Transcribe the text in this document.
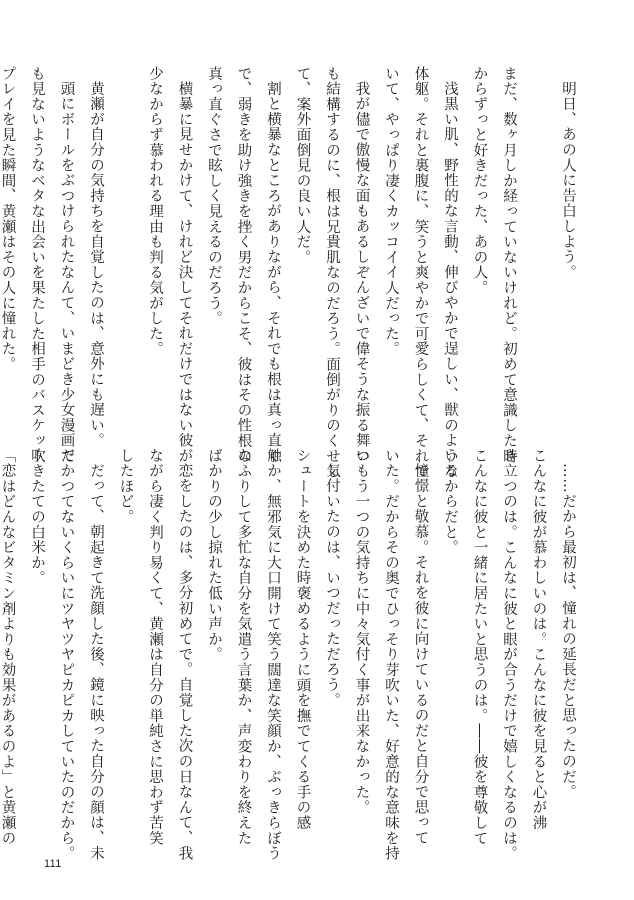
明日、あの人に告白しよう。
まだ、数ヶ月しか経っていないけれど。初めて意識した時
からずっと好きだった、あの人。
浅黒い肌、野性的な言動、伸びやかで逞しい、獣のような
体躯。それと裏腹に、笑うと爽やかで可愛らしくて、それで
いて、やっぱり凄くカッコイイ人だった。
我が儘で傲慢な面もあるしぞんざいで偉そうな振る舞い
も結構するのに、根は兄貴肌なのだろう。面倒がりのくせし
て、案外面倒見の良い人だ。
割と横暴なところがありながら、それでも根は真っ直ぐ
で、弱きを助け強きを挫く男だからこそ、彼はその性根の
真っ直ぐさで眩しく見えるのだろう。
横暴に見せかけて、けれど決してそれだけではない彼が
少なからず慕われる理由も判る気がした。
黄瀬が自分の気持ちを自覚したのは、意外にも遅い。
頭にボールをぶつけられたなんて、いまどき少女漫画で
も見ないようなベタな出会いを果たした相手のバスケット
プレイを見た瞬間、黄瀬はその人に憧れた。
……だから最初は、憧れの延長だと思ったのだ。
こんなに彼が慕わしいのは。こんなに彼を見ると心が沸
き立つのは。こんなに彼と眼が合うだけで嬉しくなるのは。
こんなに彼と一緒に居たいと思うのは。――彼を尊敬して
いるからだと。
憧憬と敬慕。それを彼に向けているのだと自分で思って
いた。だからその奥でひっそり芽吹いた、好意的な意味を持
つもう一つの気持ちに中々気付く事が出来なかった。
気付いたのは、いつだっただろう。
シュートを決めた時褒めるように頭を撫でてくる手の感
触か、無邪気に大口開けて笑う闊達な笑顔か、ぶっきらぼう
なふりして多忙な自分を気遣う言葉か、声変わりを終えた
ばかりの少し掠れた低い声か。
恋をしたのは、多分初めてで。自覚した次の日なんて、我
ながら凄く判り易くて、黄瀬は自分の単純さに思わず苦笑
したほど。
だって、朝起きて洗顔した後、鏡に映った自分の顔は、未
だかつてないくらいにツヤツヤピカピカしていたのだから。
吹きたての白米か。
「恋はどんなビタミン剤よりも効果があるのよ」と黄瀬の
111
